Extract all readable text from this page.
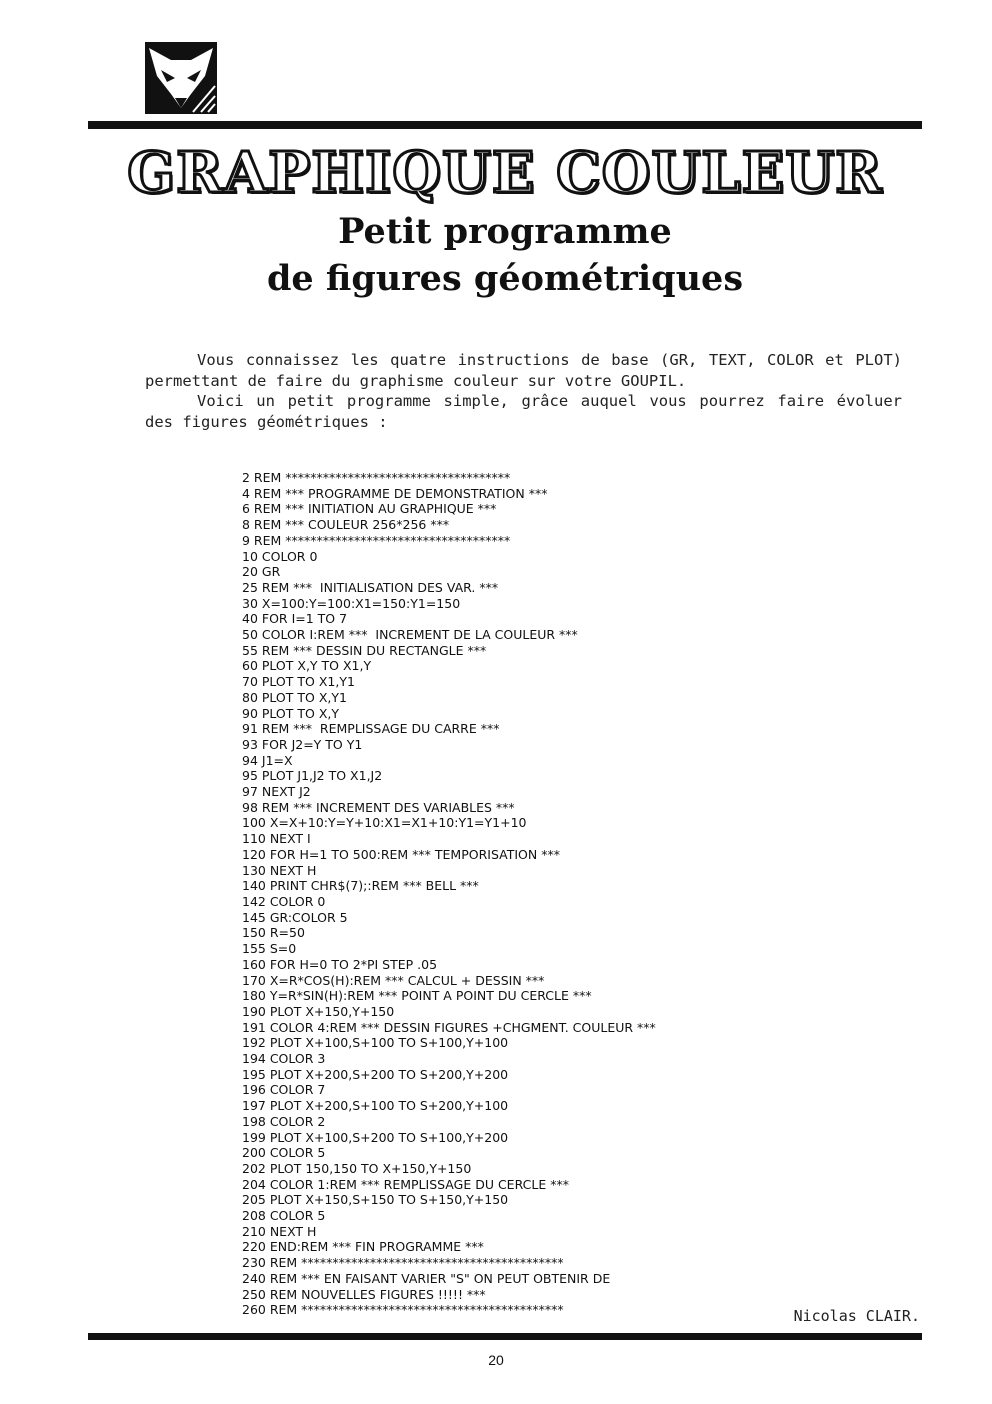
GRAPHIQUE COULEUR
Petit programme
de figures géométriques

Vous connaissez les quatre instructions de base (GR, TEXT, COLOR et PLOT) permettant de faire du graphisme couleur sur votre GOUPIL.

Voici un petit programme simple, grâce auquel vous pourrez faire évoluer des figures géométriques :

2 REM ************************************
4 REM *** PROGRAMME DE DEMONSTRATION ***
6 REM *** INITIATION AU GRAPHIQUE ***
8 REM *** COULEUR 256*256 ***
9 REM ************************************
10 COLOR 0
20 GR
25 REM ***  INITIALISATION DES VAR. ***
30 X=100:Y=100:X1=150:Y1=150
40 FOR I=1 TO 7
50 COLOR I:REM ***  INCREMENT DE LA COULEUR ***
55 REM *** DESSIN DU RECTANGLE ***
60 PLOT X,Y TO X1,Y
70 PLOT TO X1,Y1
80 PLOT TO X,Y1
90 PLOT TO X,Y
91 REM ***  REMPLISSAGE DU CARRE ***
93 FOR J2=Y TO Y1
94 J1=X
95 PLOT J1,J2 TO X1,J2
97 NEXT J2
98 REM *** INCREMENT DES VARIABLES ***
100 X=X+10:Y=Y+10:X1=X1+10:Y1=Y1+10
110 NEXT I
120 FOR H=1 TO 500:REM *** TEMPORISATION ***
130 NEXT H
140 PRINT CHR$(7);:REM *** BELL ***
142 COLOR 0
145 GR:COLOR 5
150 R=50
155 S=0
160 FOR H=0 TO 2*PI STEP .05
170 X=R*COS(H):REM *** CALCUL + DESSIN ***
180 Y=R*SIN(H):REM *** POINT A POINT DU CERCLE ***
190 PLOT X+150,Y+150
191 COLOR 4:REM *** DESSIN FIGURES +CHGMENT. COULEUR ***
192 PLOT X+100,S+100 TO S+100,Y+100
194 COLOR 3
195 PLOT X+200,S+200 TO S+200,Y+200
196 COLOR 7
197 PLOT X+200,S+100 TO S+200,Y+100
198 COLOR 2
199 PLOT X+100,S+200 TO S+100,Y+200
200 COLOR 5
202 PLOT 150,150 TO X+150,Y+150
204 COLOR 1:REM *** REMPLISSAGE DU CERCLE ***
205 PLOT X+150,S+150 TO S+150,Y+150
208 COLOR 5
210 NEXT H
220 END:REM *** FIN PROGRAMME ***
230 REM ******************************************
240 REM *** EN FAISANT VARIER "S" ON PEUT OBTENIR DE
250 REM NOUVELLES FIGURES !!!!! ***
260 REM ******************************************	Nicolas CLAIR.
20
